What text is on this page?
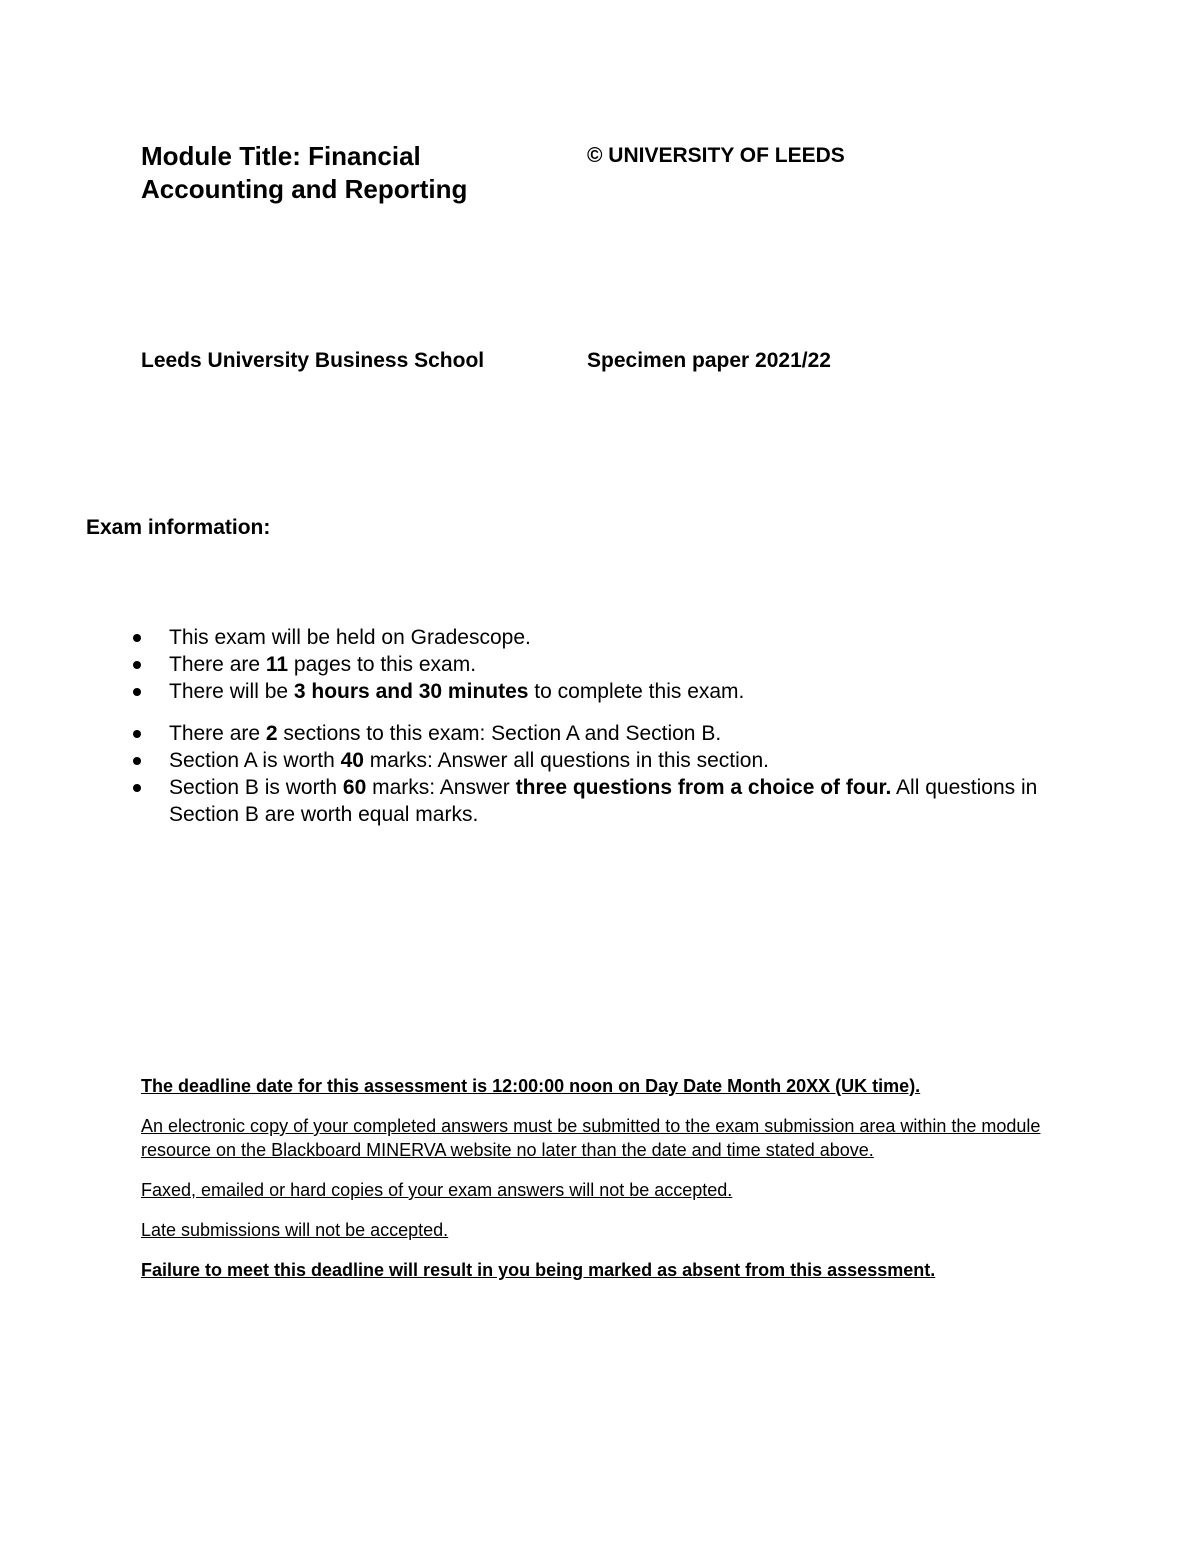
Module Title: Financial
Accounting and Reporting
© UNIVERSITY OF LEEDS
Leeds University Business School	Specimen paper 2021/22
Exam information:
This exam will be held on Gradescope.
There are 11 pages to this exam.
There will be 3 hours and 30 minutes to complete this exam.
There are 2 sections to this exam: Section A and Section B.
Section A is worth 40 marks: Answer all questions in this section.
Section B is worth 60 marks: Answer three questions from a choice of four. All questions in Section B are worth equal marks.

The deadline date for this assessment is 12:00:00 noon on Day Date Month 20XX (UK time).

An electronic copy of your completed answers must be submitted to the exam submission area within the module resource on the Blackboard MINERVA website no later than the date and time stated above.

Faxed, emailed or hard copies of your exam answers will not be accepted.

Late submissions will not be accepted.

Failure to meet this deadline will result in you being marked as absent from this assessment.
